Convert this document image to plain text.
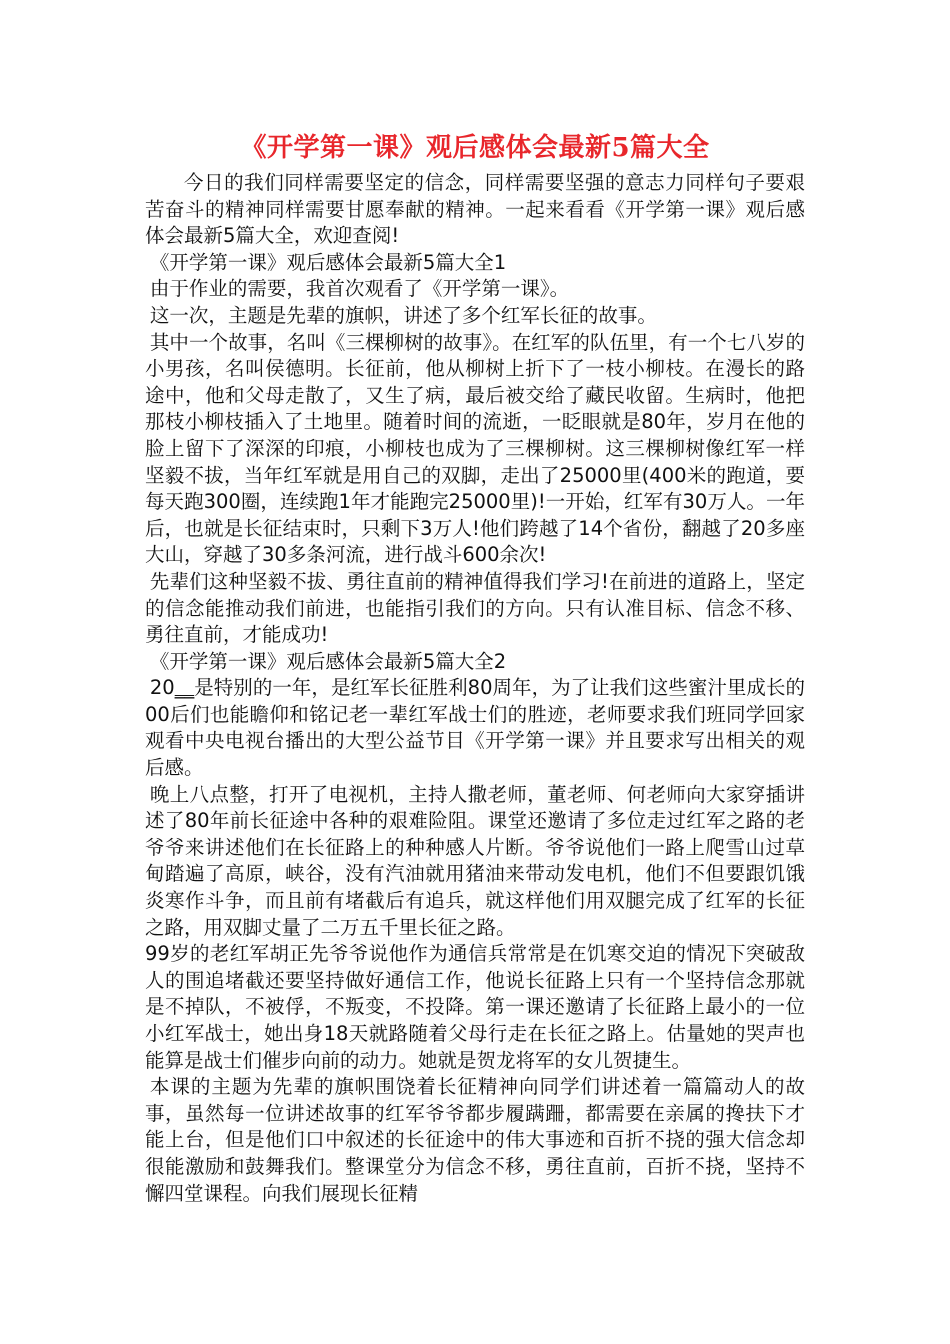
《开学第一课》观后感体会最新5篇大全

今日的我们同样需要坚定的信念，同样需要坚强的意志力同样句子要艰苦奋斗的精神同样需要甘愿奉献的精神。一起来看看《开学第一课》观后感体会最新5篇大全，欢迎查阅!

《开学第一课》观后感体会最新5篇大全1

由于作业的需要，我首次观看了《开学第一课》。

这一次，主题是先辈的旗帜，讲述了多个红军长征的故事。

其中一个故事，名叫《三棵柳树的故事》。在红军的队伍里，有一个七八岁的小男孩，名叫侯德明。长征前，他从柳树上折下了一枝小柳枝。在漫长的路途中，他和父母走散了，又生了病，最后被交给了藏民收留。生病时，他把那枝小柳枝插入了土地里。随着时间的流逝，一眨眼就是80年，岁月在他的脸上留下了深深的印痕，小柳枝也成为了三棵柳树。这三棵柳树像红军一样坚毅不拔，当年红军就是用自己的双脚，走出了25000里(400米的跑道，要每天跑300圈，连续跑1年才能跑完25000里)!一开始，红军有30万人。一年后，也就是长征结束时，只剩下3万人!他们跨越了14个省份，翻越了20多座大山，穿越了30多条河流，进行战斗600余次!

先辈们这种坚毅不拔、勇往直前的精神值得我们学习!在前进的道路上，坚定的信念能推动我们前进，也能指引我们的方向。只有认准目标、信念不移、勇往直前，才能成功!

《开学第一课》观后感体会最新5篇大全2

20__是特别的一年，是红军长征胜利80周年，为了让我们这些蜜汁里成长的00后们也能瞻仰和铭记老一辈红军战士们的胜迹，老师要求我们班同学回家观看中央电视台播出的大型公益节目《开学第一课》并且要求写出相关的观后感。

晚上八点整，打开了电视机，主持人撒老师，董老师、何老师向大家穿插讲述了80年前长征途中各种的艰难险阻。课堂还邀请了多位走过红军之路的老爷爷来讲述他们在长征路上的种种感人片断。爷爷说他们一路上爬雪山过草甸踏遍了高原，峡谷，没有汽油就用猪油来带动发电机，他们不但要跟饥饿炎寒作斗争，而且前有堵截后有追兵，就这样他们用双腿完成了红军的长征之路，用双脚丈量了二万五千里长征之路。

99岁的老红军胡正先爷爷说他作为通信兵常常是在饥寒交迫的情况下突破敌人的围追堵截还要坚持做好通信工作，他说长征路上只有一个坚持信念那就是不掉队，不被俘，不叛变，不投降。第一课还邀请了长征路上最小的一位小红军战士，她出身18天就路随着父母行走在长征之路上。估量她的哭声也能算是战士们催步向前的动力。她就是贺龙将军的女儿贺捷生。

本课的主题为先辈的旗帜围饶着长征精神向同学们讲述着一篇篇动人的故事，虽然每一位讲述故事的红军爷爷都步履蹒跚，都需要在亲属的搀扶下才能上台，但是他们口中叙述的长征途中的伟大事迹和百折不挠的强大信念却很能激励和鼓舞我们。整课堂分为信念不移，勇往直前，百折不挠，坚持不懈四堂课程。向我们展现长征精
